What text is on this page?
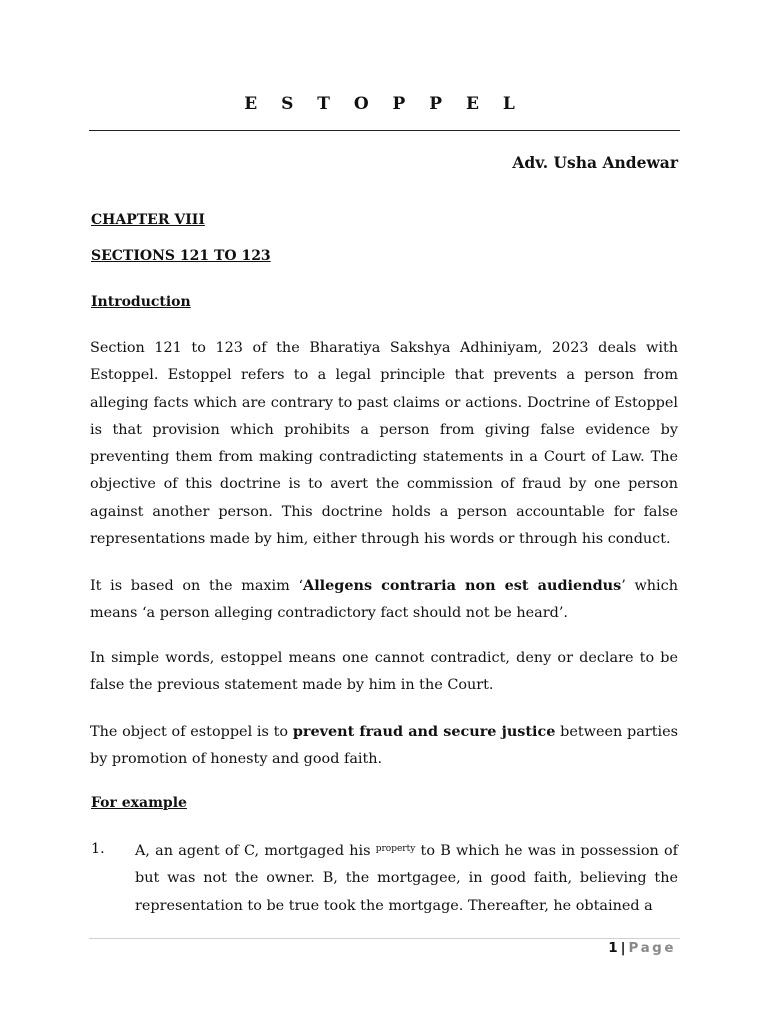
E S T O P P E L
Adv. Usha Andewar
CHAPTER VIII
SECTIONS 121 TO 123
Introduction
Section 121 to 123 of the Bharatiya Sakshya Adhiniyam, 2023 deals with Estoppel. Estoppel refers to a legal principle that prevents a person from alleging facts which are contrary to past claims or actions. Doctrine of Estoppel is that provision which prohibits a person from giving false evidence by preventing them from making contradicting statements in a Court of Law. The objective of this doctrine is to avert the commission of fraud by one person against another person. This doctrine holds a person accountable for false representations made by him, either through his words or through his conduct.
It is based on the maxim ‘Allegens contraria non est audiendus’ which means ‘a person alleging contradictory fact should not be heard’.
In simple words, estoppel means one cannot contradict, deny or declare to be false the previous statement made by him in the Court.
The object of estoppel is to prevent fraud and secure justice between parties by promotion of honesty and good faith.
For example
1. A, an agent of C, mortgaged his $^{property}$ to B which he was in possession of but was not the owner. B, the mortgagee, in good faith, believing the representation to be true took the mortgage. Thereafter, he obtained a
1 | Page
